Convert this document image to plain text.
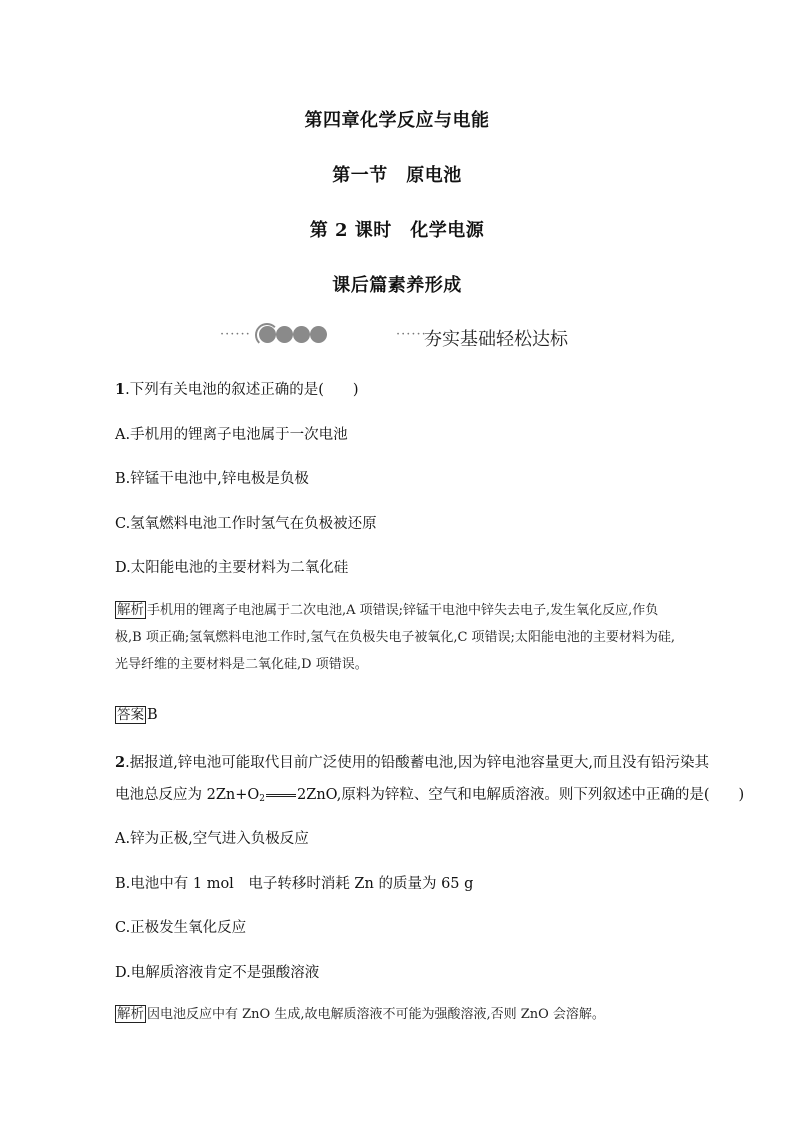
第四章化学反应与电能
第一节　原电池
第 2 课时　化学电源
课后篇素养形成
······	······
夯实基础轻松达标
1.下列有关电池的叙述正确的是(　　)
A.手机用的锂离子电池属于一次电池
B.锌锰干电池中,锌电极是负极
C.氢氧燃料电池工作时氢气在负极被还原
D.太阳能电池的主要材料为二氧化硅
解析 手机用的锂离子电池属于二次电池,A 项错误;锌锰干电池中锌失去电子,发生氧化反应,作负极,B 项正确;氢氧燃料电池工作时,氢气在负极失电子被氧化,C 项错误;太阳能电池的主要材料为硅,光导纤维的主要材料是二氧化硅,D 项错误。
答案 B
2.据报道,锌电池可能取代目前广泛使用的铅酸蓄电池,因为锌电池容量更大,而且没有铅污染其
电池总反应为 $2Zn+O_2$ 2ZnO,原料为锌粒、空气和电解质溶液。则下列叙述中正确的是(　　)
A.锌为正极,空气进入负极反应
B.电池中有 1 mol　电子转移时消耗 Zn 的质量为 65 g
C.正极发生氧化反应
D.电解质溶液肯定不是强酸溶液
解析 因电池反应中有 ZnO 生成,故电解质溶液不可能为强酸溶液,否则 ZnO 会溶解。
